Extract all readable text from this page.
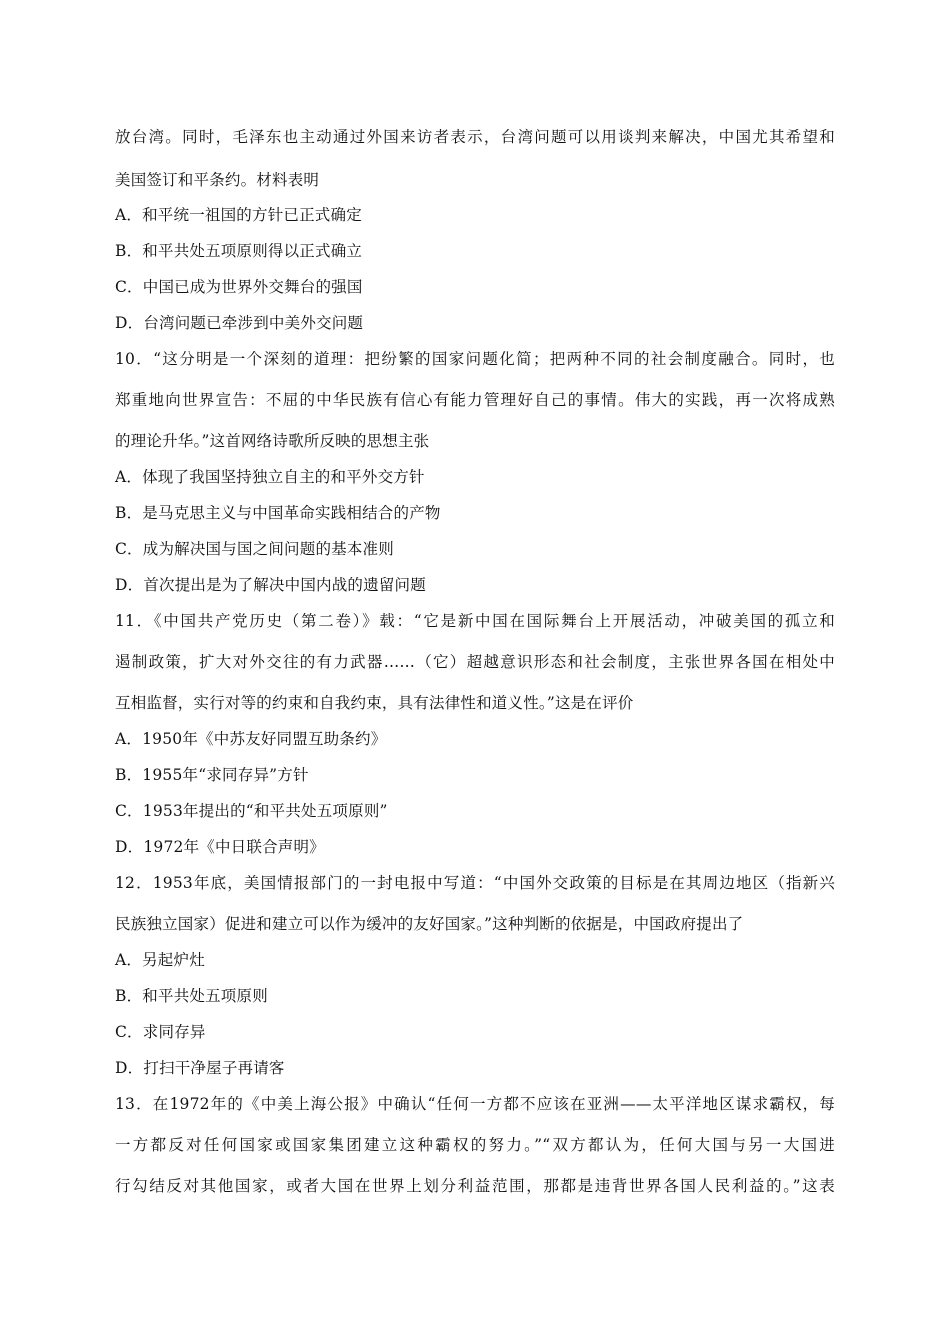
放台湾。同时，毛泽东也主动通过外国来访者表示，台湾问题可以用谈判来解决，中国尤其希望和
美国签订和平条约。材料表明
A．和平统一祖国的方针已正式确定
B．和平共处五项原则得以正式确立
C．中国已成为世界外交舞台的强国
D．台湾问题已牵涉到中美外交问题
10．“这分明是一个深刻的道理：把纷繁的国家问题化简；把两种不同的社会制度融合。同时，也
郑重地向世界宣告：不屈的中华民族有信心有能力管理好自己的事情。伟大的实践，再一次将成熟
的理论升华。”这首网络诗歌所反映的思想主张
A．体现了我国坚持独立自主的和平外交方针
B．是马克思主义与中国革命实践相结合的产物
C．成为解决国与国之间问题的基本准则
D．首次提出是为了解决中国内战的遗留问题
11．《中国共产党历史（第二卷）》载：“它是新中国在国际舞台上开展活动，冲破美国的孤立和
遏制政策，扩大对外交往的有力武器……（它）超越意识形态和社会制度，主张世界各国在相处中
互相监督，实行对等的约束和自我约束，具有法律性和道义性。”这是在评价
A．1950年《中苏友好同盟互助条约》
B．1955年“求同存异”方针
C．1953年提出的“和平共处五项原则”
D．1972年《中日联合声明》
12．1953年底，美国情报部门的一封电报中写道：“中国外交政策的目标是在其周边地区（指新兴
民族独立国家）促进和建立可以作为缓冲的友好国家。”这种判断的依据是，中国政府提出了
A．另起炉灶
B．和平共处五项原则
C．求同存异
D．打扫干净屋子再请客
13．在1972年的《中美上海公报》中确认“任何一方都不应该在亚洲——太平洋地区谋求霸权，每
一方都反对任何国家或国家集团建立这种霸权的努力。”“双方都认为，任何大国与另一大国进
行勾结反对其他国家，或者大国在世界上划分利益范围，那都是违背世界各国人民利益的。”这表
